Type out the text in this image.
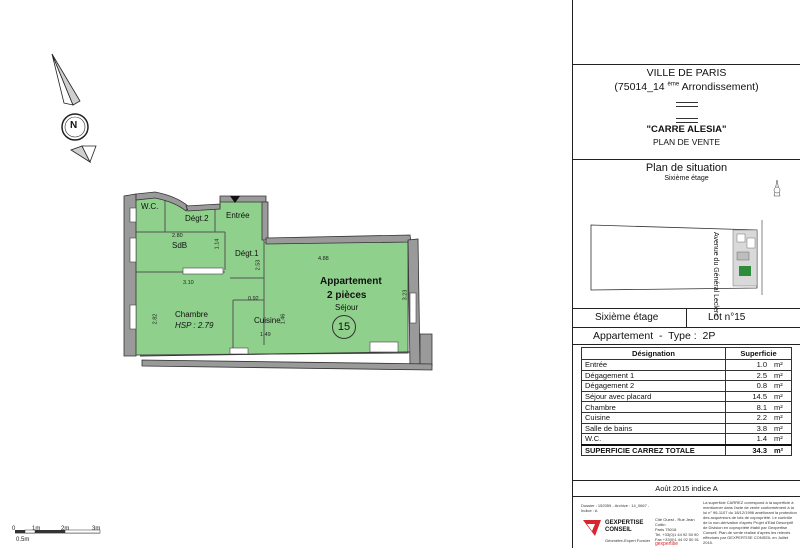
N
W.C.
Dégt.2 Entrée
SdB
Dégt.1
Appartement
2 pièces
Séjour
Chambre
HSP : 2.79
Cuisine
15
2.80
4.88
3.10
0.92
2.53
1.14
3.23
2.82	1.46
1.49
0	1m	2m	3m
0.5m
VILLE DE PARIS
(75014_14 $^{ème}$ Arrondissement)
"CARRE ALESIA"
PLAN DE VENTE
Plan de situation
Sixième étage
Avenue du Général Leclerc
Sixième étage	Lot n°15
Appartement  -  Type :  2P
Désignation	Superficie	
Entrée	1.0	m²
Dégagement 1	2.5	m²
Dégagement 2	0.8	m²
Séjour avec placard	14.5	m²
Chambre	8.1	m²
Cuisine	2.2	m²
Salle de bains	3.8	m²
W.C.	1.4	m²
SUPERFICIE CARREZ TOTALE	34.3	m²
Août 2015 indice A
Dossier : 152059 - Archive : 14_0667 - Indice : A
La superficie CARREZ correspond à la superficie à mentionner dans l'acte de vente conformément à la loi n° 96-1107 du 18/12/1996 améliorant la protection des acquéreurs de lots de copropriété. Le contrôle de la non-dérivation d'après Projet d'Etat Descriptif de Division en copropriété établi par Gexpertise Conseil. Plan de vente réalisé d'après les relevés effectués par GEXPERTISE CONSEIL en Juillet 2015.
GEXPERTISE CONSEIL
Géomètre-Expert Foncier
Cité Ouest - Rue Jean Cottin
Paris 75018
Tel. +33(0)1 44 92 50 90
Fax +33(0)1 44 92 50 91
gexpertise
